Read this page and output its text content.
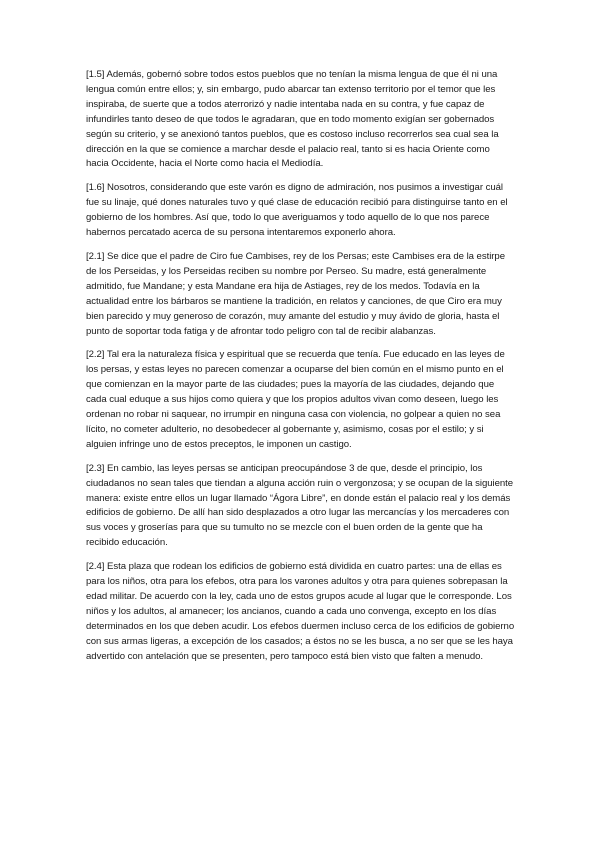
[1.5] Además, gobernó sobre todos estos pueblos que no tenían la misma lengua de que él ni una lengua común entre ellos; y, sin embargo, pudo abarcar tan extenso territorio por el temor que les inspiraba, de suerte que a todos aterrorizó y nadie intentaba nada en su contra, y fue capaz de infundirles tanto deseo de que todos le agradaran, que en todo momento exigían ser gobernados según su criterio, y se anexionó tantos pueblos, que es costoso incluso recorrerlos sea cual sea la dirección en la que se comience a marchar desde el palacio real, tanto si es hacia Oriente como hacia Occidente, hacia el Norte como hacia el Mediodía.

[1.6] Nosotros, considerando que este varón es digno de admiración, nos pusimos a investigar cuál fue su linaje, qué dones naturales tuvo y qué clase de educación recibió para distinguirse tanto en el gobierno de los hombres. Así que, todo lo que averiguamos y todo aquello de lo que nos parece habernos percatado acerca de su persona intentaremos exponerlo ahora.

[2.1] Se dice que el padre de Ciro fue Cambises, rey de los Persas; este Cambises era de la estirpe de los Perseidas, y los Perseidas reciben su nombre por Perseo. Su madre, está generalmente admitido, fue Mandane; y esta Mandane era hija de Astiages, rey de los medos. Todavía en la actualidad entre los bárbaros se mantiene la tradición, en relatos y canciones, de que Ciro era muy bien parecido y muy generoso de corazón, muy amante del estudio y muy ávido de gloria, hasta el punto de soportar toda fatiga y de afrontar todo peligro con tal de recibir alabanzas.

[2.2] Tal era la naturaleza física y espiritual que se recuerda que tenía. Fue educado en las leyes de los persas, y estas leyes no parecen comenzar a ocuparse del bien común en el mismo punto en el que comienzan en la mayor parte de las ciudades; pues la mayoría de las ciudades, dejando que cada cual eduque a sus hijos como quiera y que los propios adultos vivan como deseen, luego les ordenan no robar ni saquear, no irrumpir en ninguna casa con violencia, no golpear a quien no sea lícito, no cometer adulterio, no desobedecer al gobernante y, asimismo, cosas por el estilo; y si alguien infringe uno de estos preceptos, le imponen un castigo.

[2.3] En cambio, las leyes persas se anticipan preocupándose 3 de que, desde el principio, los ciudadanos no sean tales que tiendan a alguna acción ruin o vergonzosa; y se ocupan de la siguiente manera: existe entre ellos un lugar llamado “Ágora Libre”, en donde están el palacio real y los demás edificios de gobierno. De allí han sido desplazados a otro lugar las mercancías y los mercaderes con sus voces y groserías para que su tumulto no se mezcle con el buen orden de la gente que ha recibido educación.

[2.4] Esta plaza que rodean los edificios de gobierno está dividida en cuatro partes: una de ellas es para los niños, otra para los efebos, otra para los varones adultos y otra para quienes sobrepasan la edad militar. De acuerdo con la ley, cada uno de estos grupos acude al lugar que le corresponde. Los niños y los adultos, al amanecer; los ancianos, cuando a cada uno convenga, excepto en los días determinados en los que deben acudir. Los efebos duermen incluso cerca de los edificios de gobierno con sus armas ligeras, a excepción de los casados; a éstos no se les busca, a no ser que se les haya advertido con antelación que se presenten, pero tampoco está bien visto que falten a menudo.
